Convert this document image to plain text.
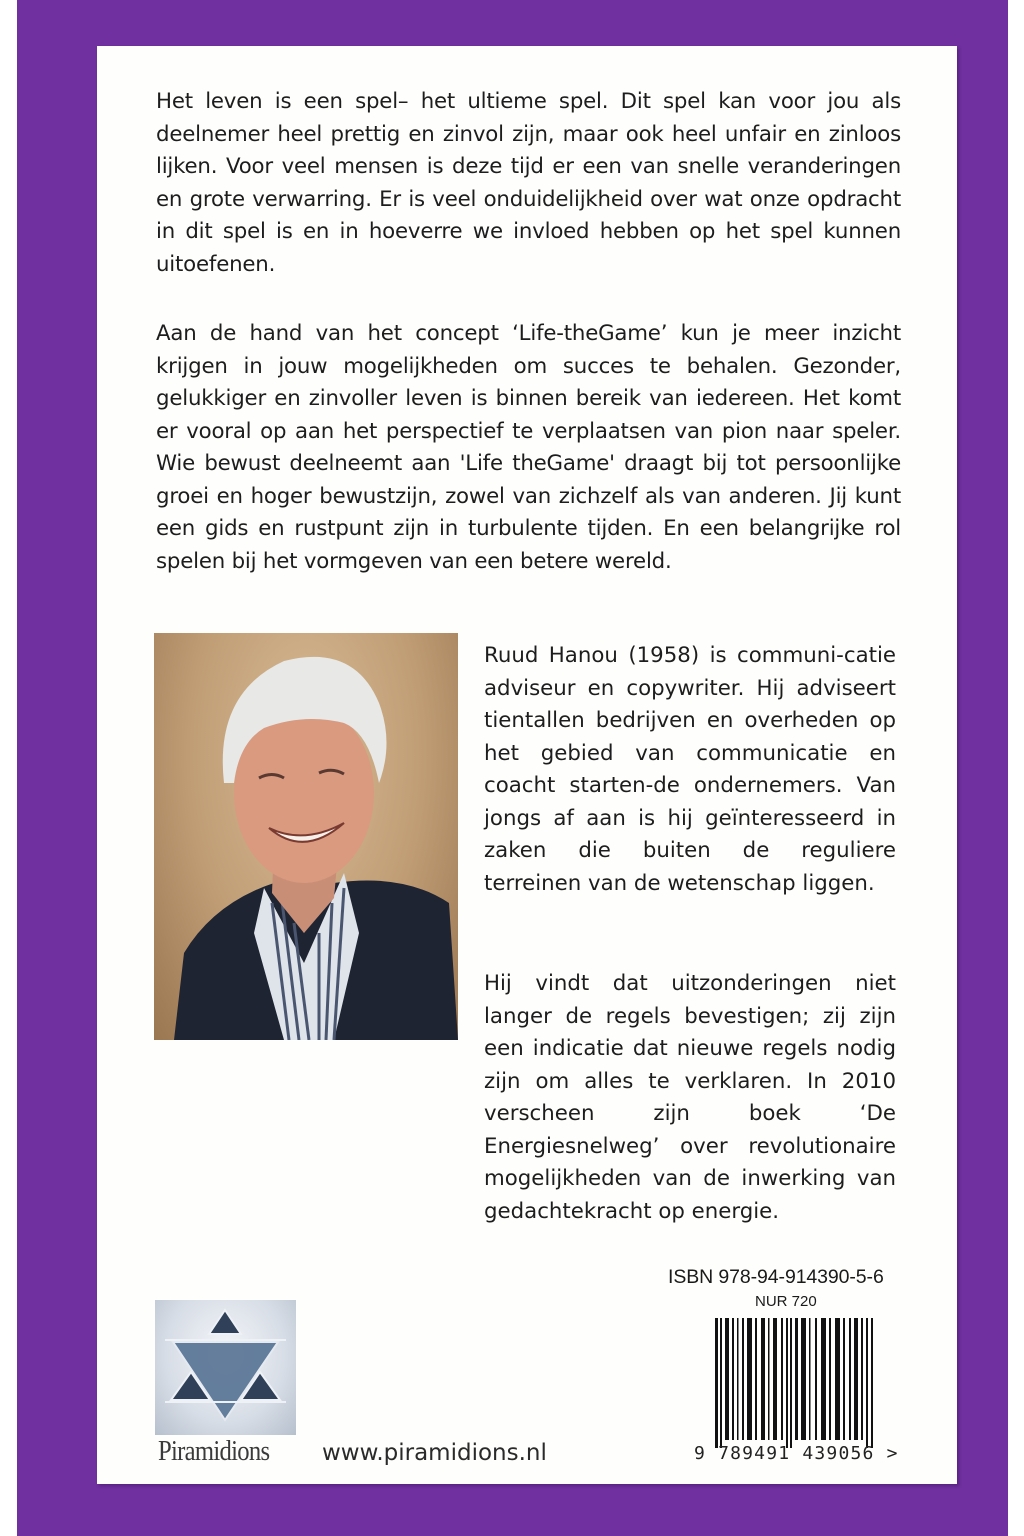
Het leven is een spel– het ultieme spel. Dit spel kan voor jou als deelnemer heel prettig en zinvol zijn, maar ook heel unfair en zinloos lijken. Voor veel mensen is deze tijd er een van snelle veranderingen en grote verwarring. Er is veel onduidelijkheid over wat onze opdracht in dit spel is en in hoeverre we invloed hebben op het spel kunnen uitoefenen.

Aan de hand van het concept ‘Life-theGame’ kun je meer inzicht krijgen in jouw mogelijkheden om succes te behalen. Gezonder, gelukkiger en zinvoller leven is binnen bereik van iedereen. Het komt er vooral op aan het perspectief te verplaatsen van pion naar speler. Wie bewust deelneemt aan 'Life theGame' draagt bij tot persoonlijke groei en hoger bewustzijn, zowel van zichzelf als van anderen. Jij kunt een gids en rustpunt zijn in turbulente tijden. En een belangrijke rol spelen bij het vormgeven van een betere wereld.

Ruud Hanou (1958) is communi-catie adviseur en copywriter. Hij adviseert tientallen bedrijven en overheden op het gebied van communicatie en coacht starten-de ondernemers. Van jongs af aan is hij geïnteresseerd in zaken die buiten de reguliere terreinen van de wetenschap liggen.

Hij vindt dat uitzonderingen niet langer de regels bevestigen; zij zijn een indicatie dat nieuwe regels nodig zijn om alles te verklaren. In 2010 verscheen zijn boek ‘De Energiesnelweg’ over revolutionaire mogelijkheden van de inwerking van gedachtekracht op energie.

ISBN 978-94-914390-5-6
NUR 720
9 789491 439056 >
Piramidions www.piramidions.nl
